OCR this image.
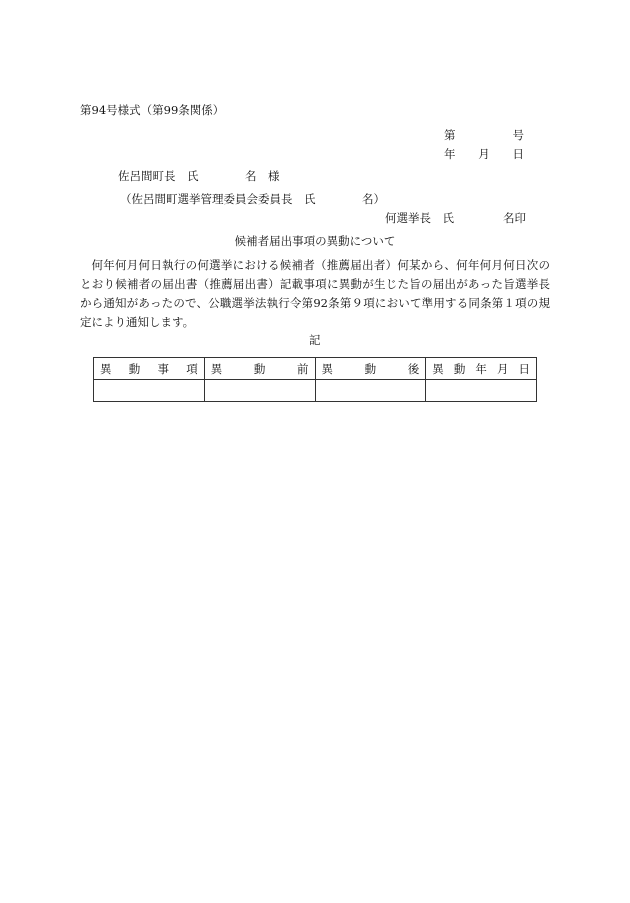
第94号様式（第99条関係）
第	号
年 月 日
佐呂間町長　氏	名　様
（佐呂間町選挙管理委員会委員長　氏	名）
何選挙長　氏	名印
候補者届出事項の異動について
何年何月何日執行の何選挙における候補者（推薦届出者）何某から、何年何月何日次のとおり候補者の届出書（推薦届出書）記載事項に異動が生じた旨の届出があった旨選挙長から通知があったので、公職選挙法執行令第92条第９項において準用する同条第１項の規定により通知します。
記
異 動 事 項	異 動 前	異 動 後	異 動 年 月 日
